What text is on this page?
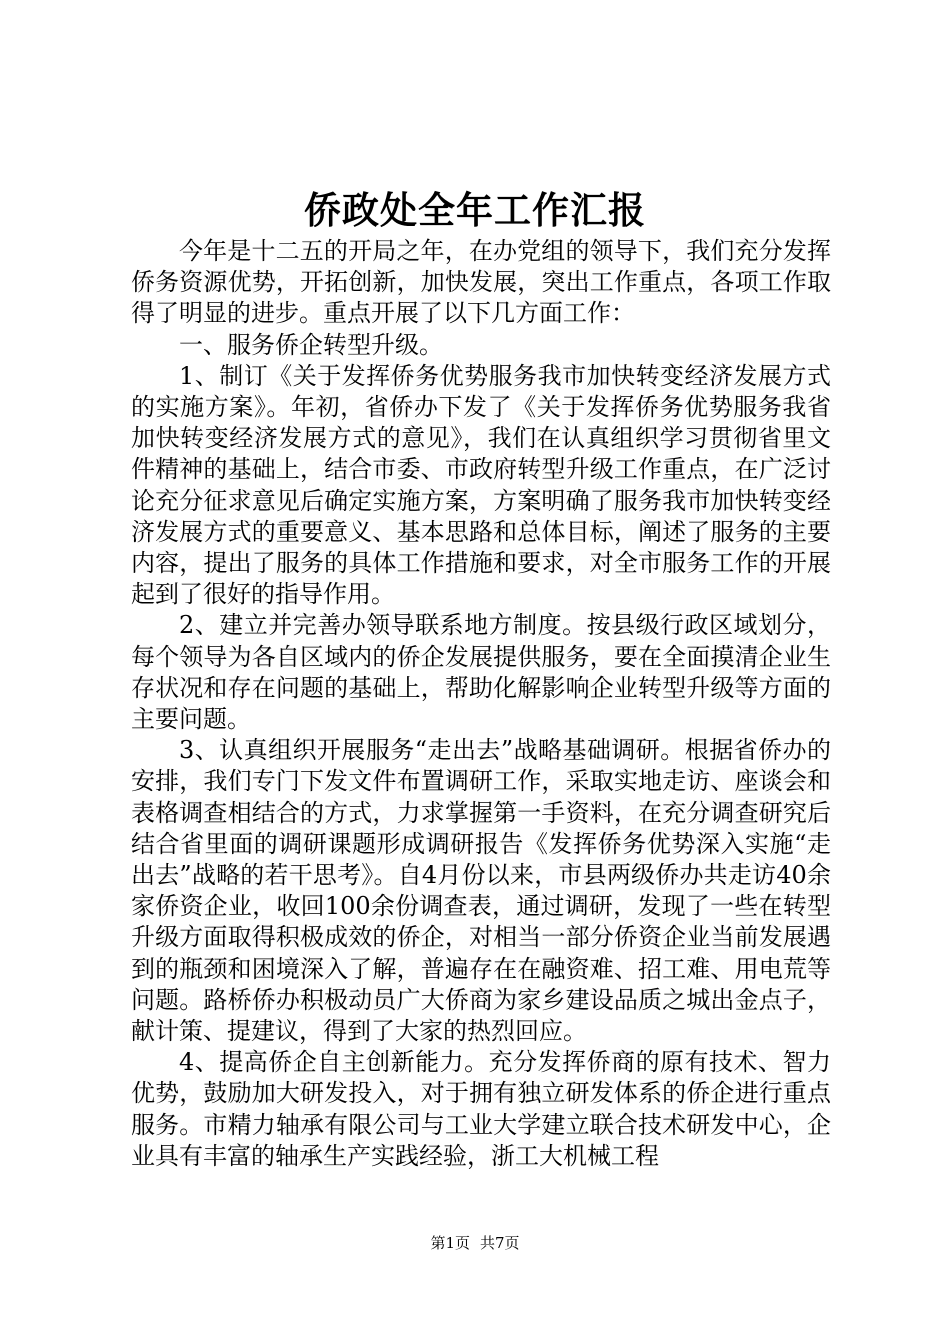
侨政处全年工作汇报

今年是十二五的开局之年，在办党组的领导下，我们充分发挥侨务资源优势，开拓创新，加快发展，突出工作重点，各项工作取得了明显的进步。重点开展了以下几方面工作：

一、服务侨企转型升级。

1、制订《关于发挥侨务优势服务我市加快转变经济发展方式的实施方案》。年初，省侨办下发了《关于发挥侨务优势服务我省加快转变经济发展方式的意见》，我们在认真组织学习贯彻省里文件精神的基础上，结合市委、市政府转型升级工作重点，在广泛讨论充分征求意见后确定实施方案，方案明确了服务我市加快转变经济发展方式的重要意义、基本思路和总体目标，阐述了服务的主要内容，提出了服务的具体工作措施和要求，对全市服务工作的开展起到了很好的指导作用。

2、建立并完善办领导联系地方制度。按县级行政区域划分，每个领导为各自区域内的侨企发展提供服务，要在全面摸清企业生存状况和存在问题的基础上，帮助化解影响企业转型升级等方面的主要问题。

3、认真组织开展服务“走出去”战略基础调研。根据省侨办的安排，我们专门下发文件布置调研工作，采取实地走访、座谈会和表格调查相结合的方式，力求掌握第一手资料，在充分调查研究后结合省里面的调研课题形成调研报告《发挥侨务优势深入实施“走出去”战略的若干思考》。自4月份以来，市县两级侨办共走访40余家侨资企业，收回100余份调查表，通过调研，发现了一些在转型升级方面取得积极成效的侨企，对相当一部分侨资企业当前发展遇到的瓶颈和困境深入了解，普遍存在在融资难、招工难、用电荒等问题。路桥侨办积极动员广大侨商为家乡建设品质之城出金点子，献计策、提建议，得到了大家的热烈回应。

4、提高侨企自主创新能力。充分发挥侨商的原有技术、智力优势，鼓励加大研发投入，对于拥有独立研发体系的侨企进行重点服务。市精力轴承有限公司与工业大学建立联合技术研发中心，企业具有丰富的轴承生产实践经验，浙工大机械工程

第1页 共7页
